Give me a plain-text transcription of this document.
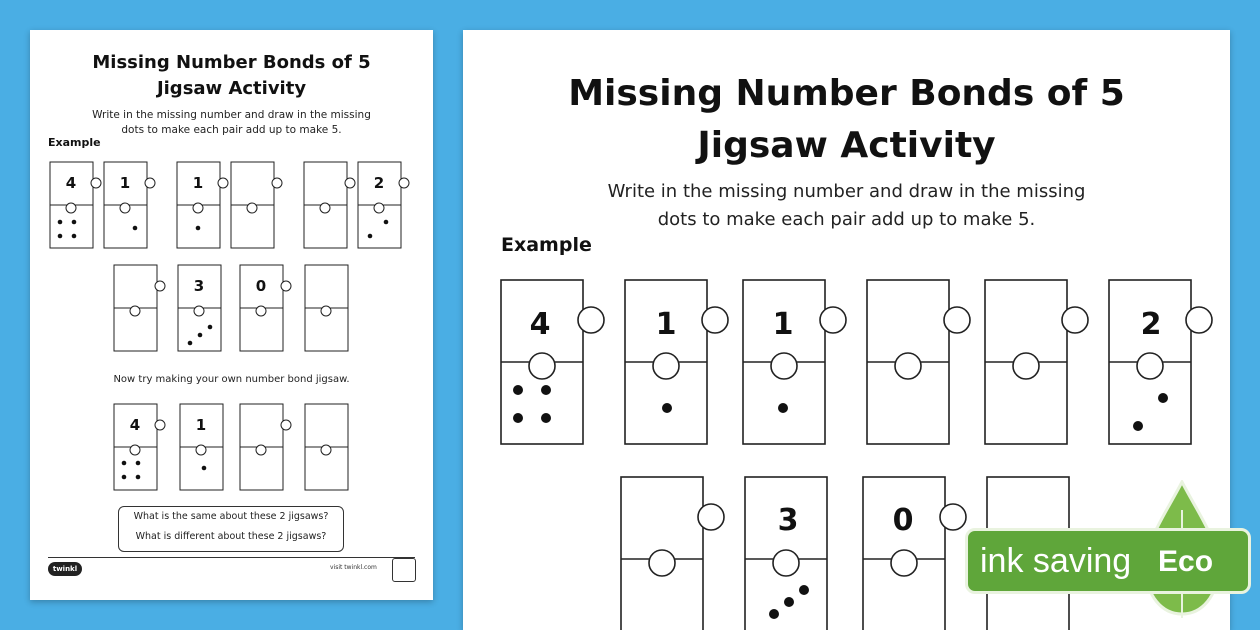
Missing Number Bonds of 5
Jigsaw Activity
Write in the missing number and draw in the missing
dots to make each pair add up to make 5.
Example
4	1	1	2
3	0
4	1
Now try making your own number bond jigsaw.
What is the same about these 2 jigsaws?
What is different about these 2 jigsaws?
twinkl	visit twinkl.com
Missing Number Bonds of 5
Jigsaw Activity
Write in the missing number and draw in the missing
dots to make each pair add up to make 5.
Example
4	1	1	2
3	0
ink saving Eco
